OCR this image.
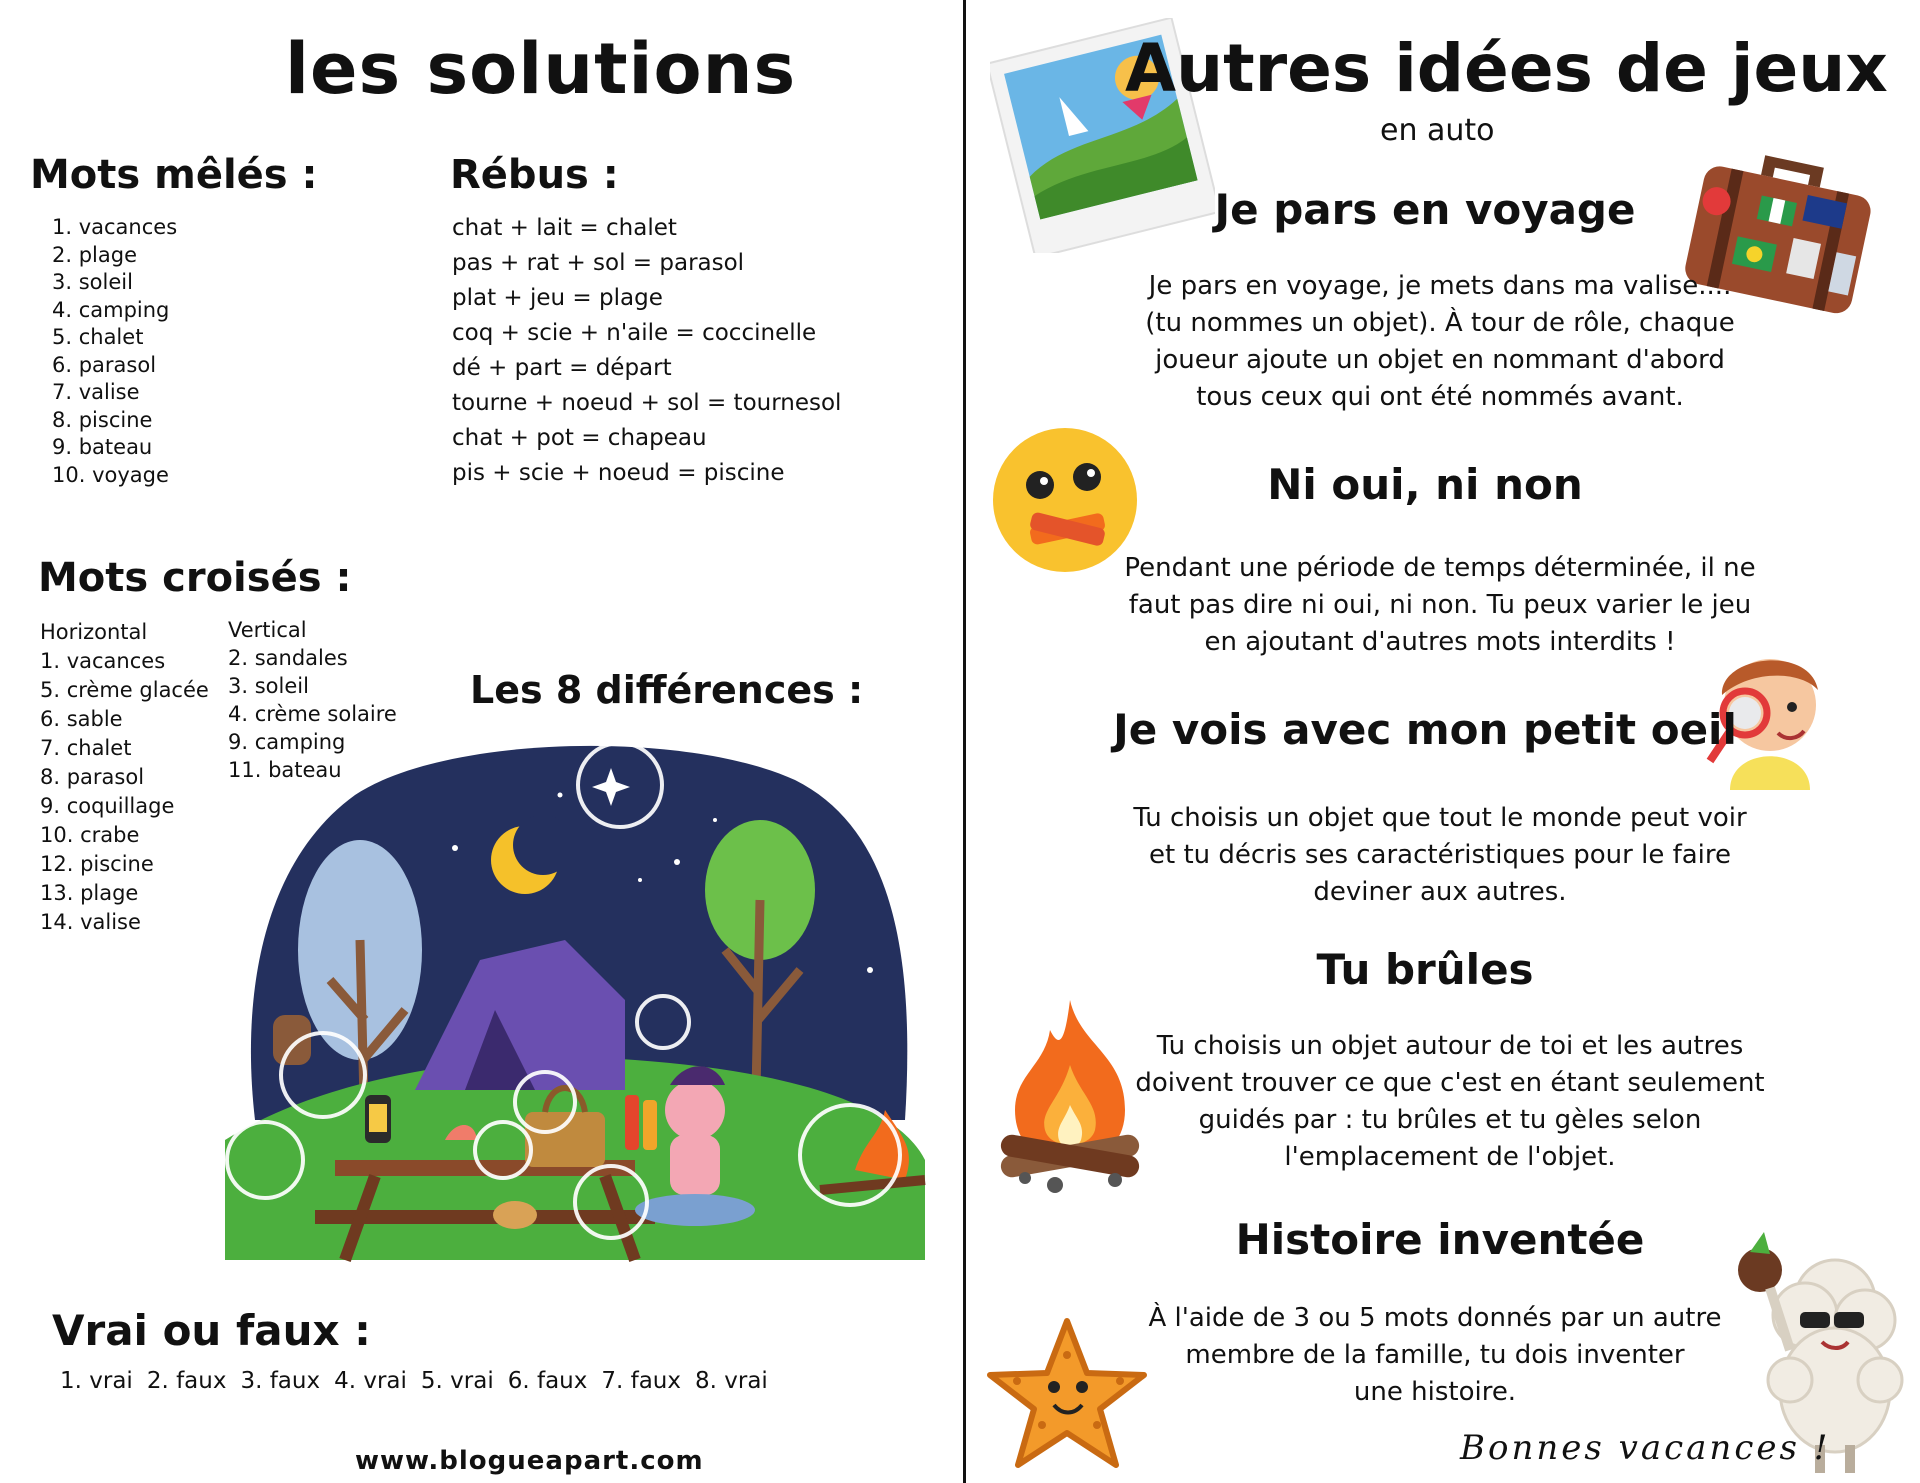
les solutions
Mots mêlés :
1. vacances
2. plage
3. soleil
4. camping
5. chalet
6. parasol
7. valise
8. piscine
9. bateau
10. voyage
Rébus :
chat + lait = chalet
pas + rat + sol = parasol
plat + jeu = plage
coq + scie + n'aile = coccinelle
dé + part = départ
tourne + noeud + sol = tournesol
chat + pot = chapeau
pis + scie + noeud = piscine
Mots croisés :
Horizontal
1. vacances
5. crème glacée
6. sable
7. chalet
8. parasol
9. coquillage
10. crabe
12. piscine
13. plage
14. valise
Vertical
2. sandales
3. soleil
4. crème solaire
9. camping
11. bateau
Les 8 différences :
Vrai ou faux :
1. vrai 2. faux 3. faux 4. vrai 5. vrai 6. faux 7. faux 8. vrai
www.blogueapart.com
Autres idées de jeux
en auto
Je pars en voyage
Je pars en voyage, je mets dans ma valise....
(tu nommes un objet). À tour de rôle, chaque
joueur ajoute un objet en nommant d'abord
tous ceux qui ont été nommés avant.
Ni oui, ni non
Pendant une période de temps déterminée, il ne
faut pas dire ni oui, ni non. Tu peux varier le jeu
en ajoutant d'autres mots interdits !
Je vois avec mon petit oeil
Tu choisis un objet que tout le monde peut voir
et tu décris ses caractéristiques pour le faire
deviner aux autres.
Tu brûles
Tu choisis un objet autour de toi et les autres
doivent trouver ce que c'est en étant seulement
guidés par : tu brûles et tu gèles selon
l'emplacement de l'objet.
Histoire inventée
À l'aide de 3 ou 5 mots donnés par un autre
membre de la famille, tu dois inventer
une histoire.
Bonnes vacances !
